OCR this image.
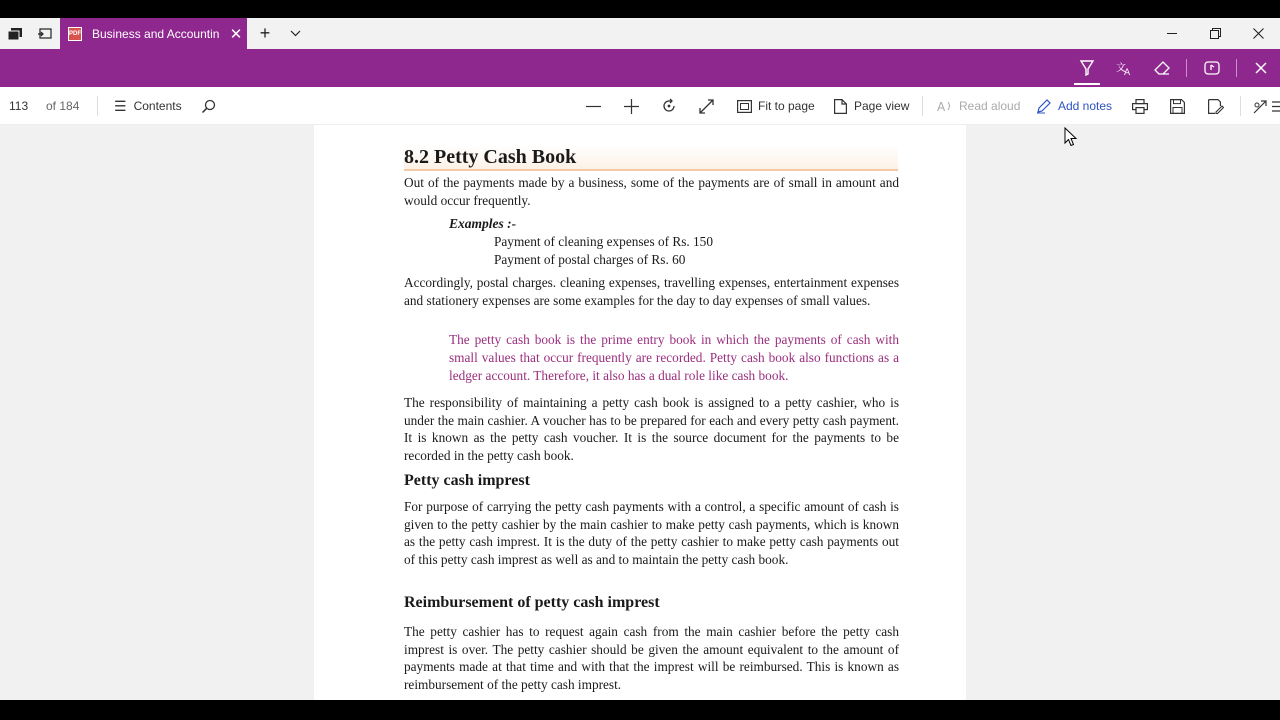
PDF Business and Accountin ✕ +
文
A
113 of 184 ☰ Contents	Fit to page	Page view A Read aloud	Add notes
8.2 Petty Cash Book
Out of the payments made by a business, some of the payments are of small in amount and would occur frequently.
Examples :-
Payment of cleaning expenses of Rs. 150
Payment of postal charges of Rs. 60
Accordingly, postal charges. cleaning expenses, travelling expenses, entertainment expenses and stationery expenses are some examples for the day to day expenses of small values.
The petty cash book is the prime entry book in which the payments of cash with small values that occur frequently are recorded. Petty cash book also functions as a ledger account. Therefore, it also has a dual role like cash book.
The responsibility of maintaining a petty cash book is assigned to a petty cashier, who is under the main cashier. A voucher has to be prepared for each and every petty cash payment. It is known as the petty cash voucher. It is the source document for the payments to be recorded in the petty cash book.
Petty cash imprest
For purpose of carrying the petty cash payments with a control, a specific amount of cash is given to the petty cashier by the main cashier to make petty cash payments, which is known as the petty cash imprest. It is the duty of the petty cashier to make petty cash payments out of this petty cash imprest as well as and to maintain the petty cash book.
Reimbursement of petty cash imprest
The petty cashier has to request again cash from the main cashier before the petty cash imprest is over. The petty cashier should be given the amount equivalent to the amount of payments made at that time and with that the imprest will be reimbursed. This is known as reimbursement of the petty cash imprest.
